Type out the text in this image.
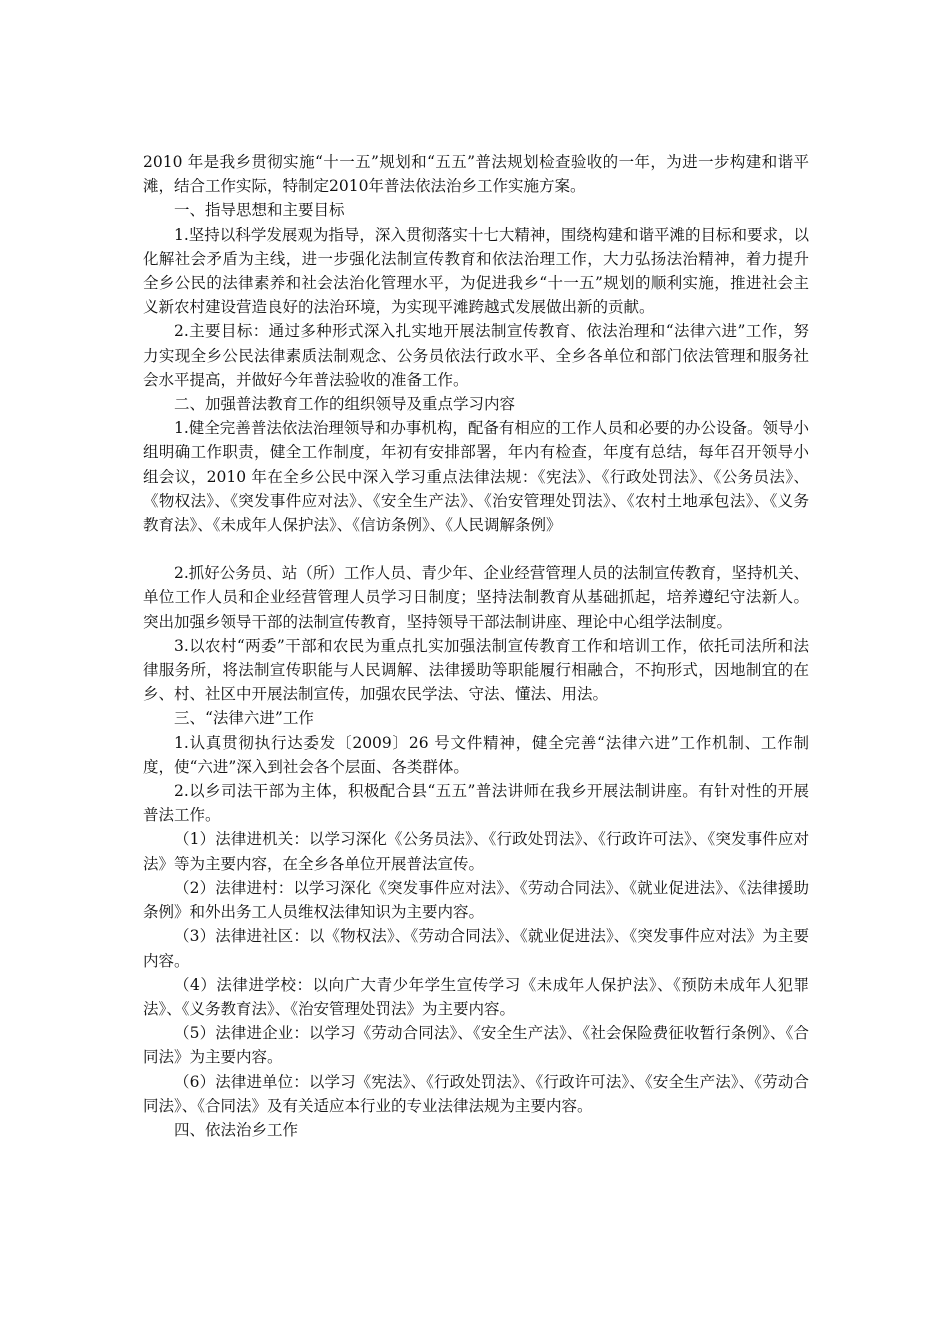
2010 年是我乡贯彻实施“十一五”规划和“五五”普法规划检查验收的一年，为进一步构建和谐平滩，结合工作实际，特制定2010年普法依法治乡工作实施方案。

一、指导思想和主要目标

1.坚持以科学发展观为指导，深入贯彻落实十七大精神，围绕构建和谐平滩的目标和要求，以化解社会矛盾为主线，进一步强化法制宣传教育和依法治理工作，大力弘扬法治精神，着力提升全乡公民的法律素养和社会法治化管理水平，为促进我乡“十一五”规划的顺利实施，推进社会主义新农村建设营造良好的法治环境，为实现平滩跨越式发展做出新的贡献。

2.主要目标：通过多种形式深入扎实地开展法制宣传教育、依法治理和“法律六进”工作，努力实现全乡公民法律素质法制观念、公务员依法行政水平、全乡各单位和部门依法管理和服务社会水平提高，并做好今年普法验收的准备工作。

二、加强普法教育工作的组织领导及重点学习内容

1.健全完善普法依法治理领导和办事机构，配备有相应的工作人员和必要的办公设备。领导小组明确工作职责，健全工作制度，年初有安排部署，年内有检查，年度有总结，每年召开领导小组会议，2010 年在全乡公民中深入学习重点法律法规：《宪法》、《行政处罚法》、《公务员法》、《物权法》、《突发事件应对法》、《安全生产法》、《治安管理处罚法》、《农村土地承包法》、《义务教育法》、《未成年人保护法》、《信访条例》、《人民调解条例》

2.抓好公务员、站（所）工作人员、青少年、企业经营管理人员的法制宣传教育，坚持机关、单位工作人员和企业经营管理人员学习日制度；坚持法制教育从基础抓起，培养遵纪守法新人。突出加强乡领导干部的法制宣传教育，坚持领导干部法制讲座、理论中心组学法制度。

3.以农村“两委”干部和农民为重点扎实加强法制宣传教育工作和培训工作，依托司法所和法律服务所，将法制宣传职能与人民调解、法律援助等职能履行相融合，不拘形式，因地制宜的在乡、村、社区中开展法制宣传，加强农民学法、守法、懂法、用法。

三、“法律六进”工作

1.认真贯彻执行达委发〔2009〕26 号文件精神，健全完善“法律六进”工作机制、工作制度，使“六进”深入到社会各个层面、各类群体。

2.以乡司法干部为主体，积极配合县“五五”普法讲师在我乡开展法制讲座。有针对性的开展普法工作。

（1）法律进机关：以学习深化《公务员法》、《行政处罚法》、《行政许可法》、《突发事件应对法》等为主要内容，在全乡各单位开展普法宣传。

（2）法律进村：以学习深化《突发事件应对法》、《劳动合同法》、《就业促进法》、《法律援助条例》和外出务工人员维权法律知识为主要内容。

（3）法律进社区：以《物权法》、《劳动合同法》、《就业促进法》、《突发事件应对法》为主要内容。

（4）法律进学校：以向广大青少年学生宣传学习《未成年人保护法》、《预防未成年人犯罪法》、《义务教育法》、《治安管理处罚法》为主要内容。

（5）法律进企业：以学习《劳动合同法》、《安全生产法》、《社会保险费征收暂行条例》、《合同法》为主要内容。

（6）法律进单位：以学习《宪法》、《行政处罚法》、《行政许可法》、《安全生产法》、《劳动合同法》、《合同法》及有关适应本行业的专业法律法规为主要内容。

四、依法治乡工作
